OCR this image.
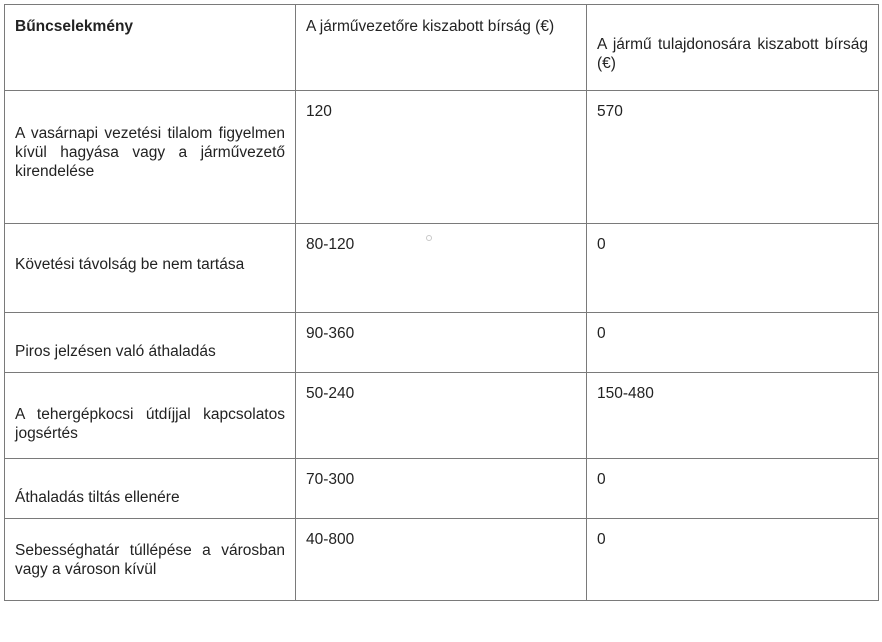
Bűncselekmény	A járművezetőre kiszabott bírság (€)	A jármű tulajdonosára kiszabott bírság (€)

A vasárnapi vezetési tilalom figyelmen kívül hagyása vagy a járművezető kirendelése	120	570

Követési távolság be nem tartása	80-120	0

Piros jelzésen való áthaladás	90-360	0

A tehergépkocsi útdíjjal kapcsolatos jogsértés	50-240	150-480

Áthaladás tiltás ellenére	70-300	0

Sebességhatár túllépése a városban vagy a városon kívül	40-800	0
